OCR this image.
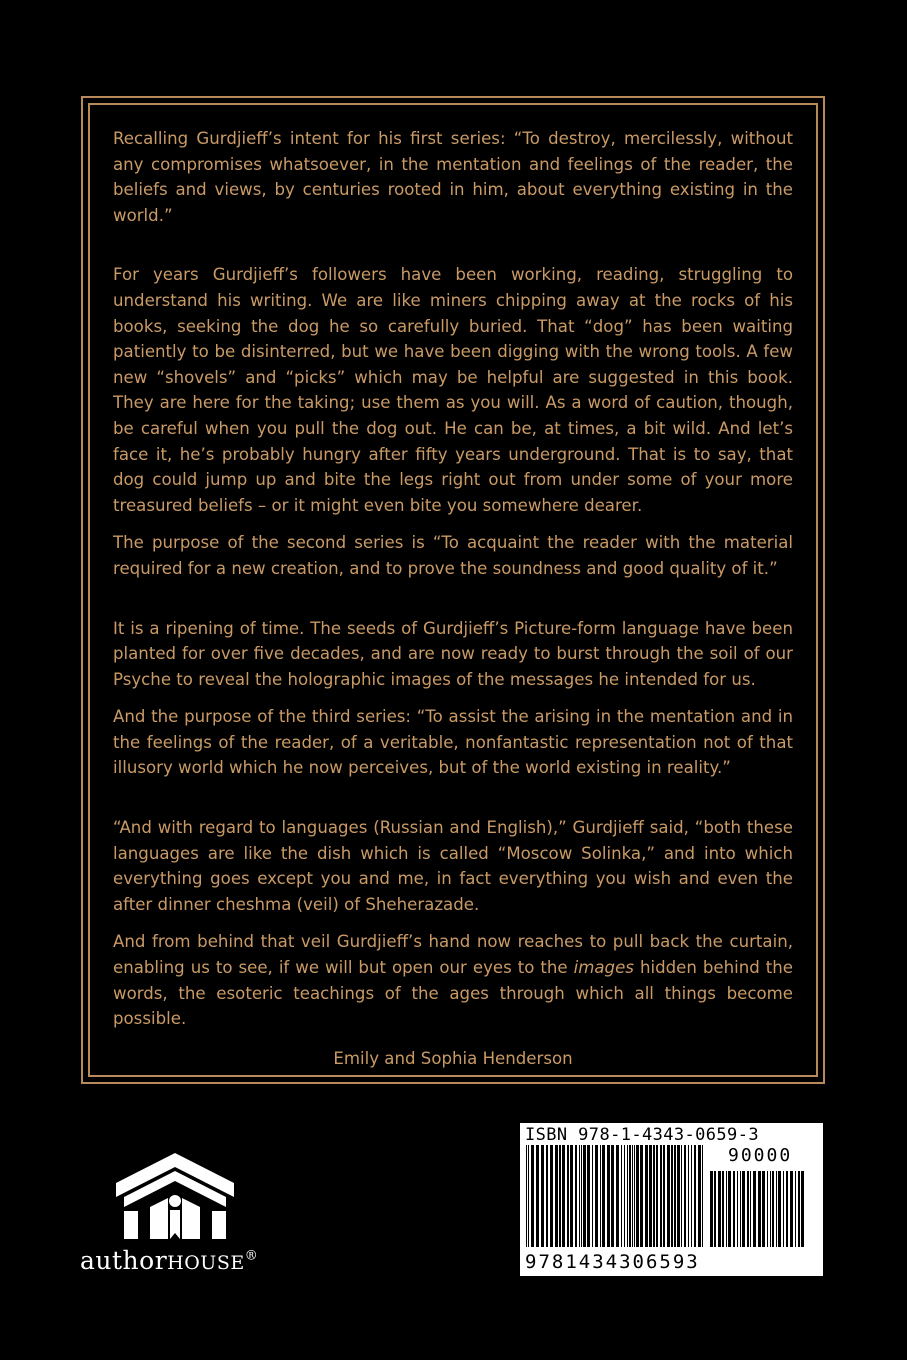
Recalling Gurdjieff’s intent for his first series: “To destroy, mercilessly, without any compromises whatsoever, in the mentation and feelings of the reader, the beliefs and views, by centuries rooted in him, about everything existing in the world.”

For years Gurdjieff’s followers have been working, reading, struggling to understand his writing. We are like miners chipping away at the rocks of his books, seeking the dog he so carefully buried. That “dog” has been waiting patiently to be disinterred, but we have been digging with the wrong tools. A few new “shovels” and “picks” which may be helpful are suggested in this book. They are here for the taking; use them as you will. As a word of caution, though, be careful when you pull the dog out. He can be, at times, a bit wild. And let’s face it, he’s probably hungry after fifty years underground. That is to say, that dog could jump up and bite the legs right out from under some of your more treasured beliefs – or it might even bite you somewhere dearer.

The purpose of the second series is “To acquaint the reader with the material required for a new creation, and to prove the soundness and good quality of it.”

It is a ripening of time. The seeds of Gurdjieff’s Picture-form language have been planted for over five decades, and are now ready to burst through the soil of our Psyche to reveal the holographic images of the messages he intended for us.

And the purpose of the third series: “To assist the arising in the mentation and in the feelings of the reader, of a veritable, nonfantastic representation not of that illusory world which he now perceives, but of the world existing in reality.”

“And with regard to languages (Russian and English),” Gurdjieff said, “both these languages are like the dish which is called “Moscow Solinka,” and into which everything goes except you and me, in fact everything you wish and even the after dinner cheshma (veil) of Sheherazade.

And from behind that veil Gurdjieff’s hand now reaches to pull back the curtain, enabling us to see, if we will but open our eyes to the images hidden behind the words, the esoteric teachings of the ages through which all things become possible.

Emily and Sophia Henderson

authorHOUSE®
ISBN 978-1-4343-0659-3
90000
9781434306593
